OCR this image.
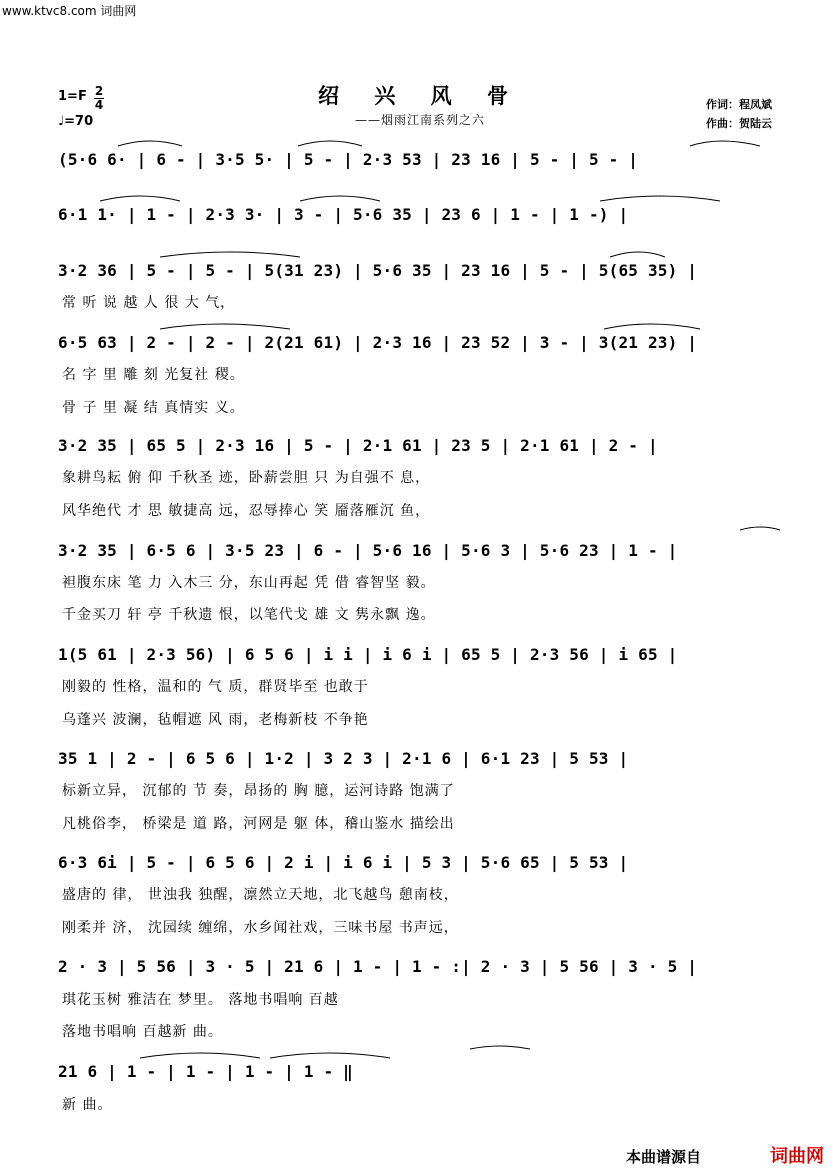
www.ktvc8.com 词曲网
1=F 2
4
♩=70
绍 兴 风 骨
——烟雨江南系列之六
作词：程凤斌
作曲：贺陆云
(5·6 6· | 6 - | 3·5 5· | 5 - | 2·3 53 | 23 16 | 5 - | 5 - |
6·1 1· | 1 - | 2·3 3· | 3 - | 5·6 35 | 23 6 | 1 - | 1 -) |
3·2 36 | 5 - | 5 - | 5(31 23) | 5·6 35 | 23 16 | 5 - | 5(65 35) |
常 听 说 越 人 很 大 气，
6·5 63 | 2 - | 2 - | 2(21 61) | 2·3 16 | 23 52 | 3 - | 3(21 23) |
名 字 里 雕 刻 光复社 稷。
骨 子 里 凝 结 真情实 义。
3·2 35 | 65 5 | 2·3 16 | 5 - | 2·1 61 | 23 5 | 2·1 61 | 2 - |
象耕鸟耘 俯 仰 千秋圣 迹，卧薪尝胆 只 为自强不 息，
风华绝代 才 思 敏捷高 远，忍辱捧心 笑 靥落雁沉 鱼，
3·2 35 | 6·5 6 | 3·5 23 | 6 - | 5·6 16 | 5·6 3 | 5·6 23 | 1 - |
袒腹东床 笔 力 入木三 分，东山再起 凭 借 睿智坚 毅。
千金买刀 轩 亭 千秋遗 恨，以笔代戈 雄 文 隽永飘 逸。
1(5 61 | 2·3 56) | 6 5 6 | i i | i 6 i | 65 5 | 2·3 56 | i 65 |
刚毅的 性格，温和的 气 质，群贤毕至 也敢于
乌蓬兴 波澜，毡帽遮 风 雨，老梅新枝 不争艳
35 1 | 2 - | 6 5 6 | 1·2 | 3 2 3 | 2·1 6 | 6·1 23 | 5 53 |
标新立异， 沉郁的 节 奏，昂扬的 胸 臆，运河诗路 饱满了
凡桃俗李， 桥梁是 道 路，河网是 躯 体，稽山鉴水 描绘出
6·3 6i | 5 - | 6 5 6 | 2 i | i 6 i | 5 3 | 5·6 65 | 5 53 |
盛唐的 律， 世浊我 独醒，凛然立天地，北飞越鸟 憩南枝，
刚柔并 济， 沈园续 缠绵，水乡闻社戏，三味书屋 书声远，
2 · 3 | 5 56 | 3 · 5 | 21 6 | 1 - | 1 - :| 2 · 3 | 5 56 | 3 · 5 |
琪花玉树 雅洁在 梦里。 落地书唱响 百越
落地书唱响 百越新 曲。
21 6 | 1 - | 1 - | 1 - | 1 - ‖
新 曲。
本曲谱源自	词曲网
